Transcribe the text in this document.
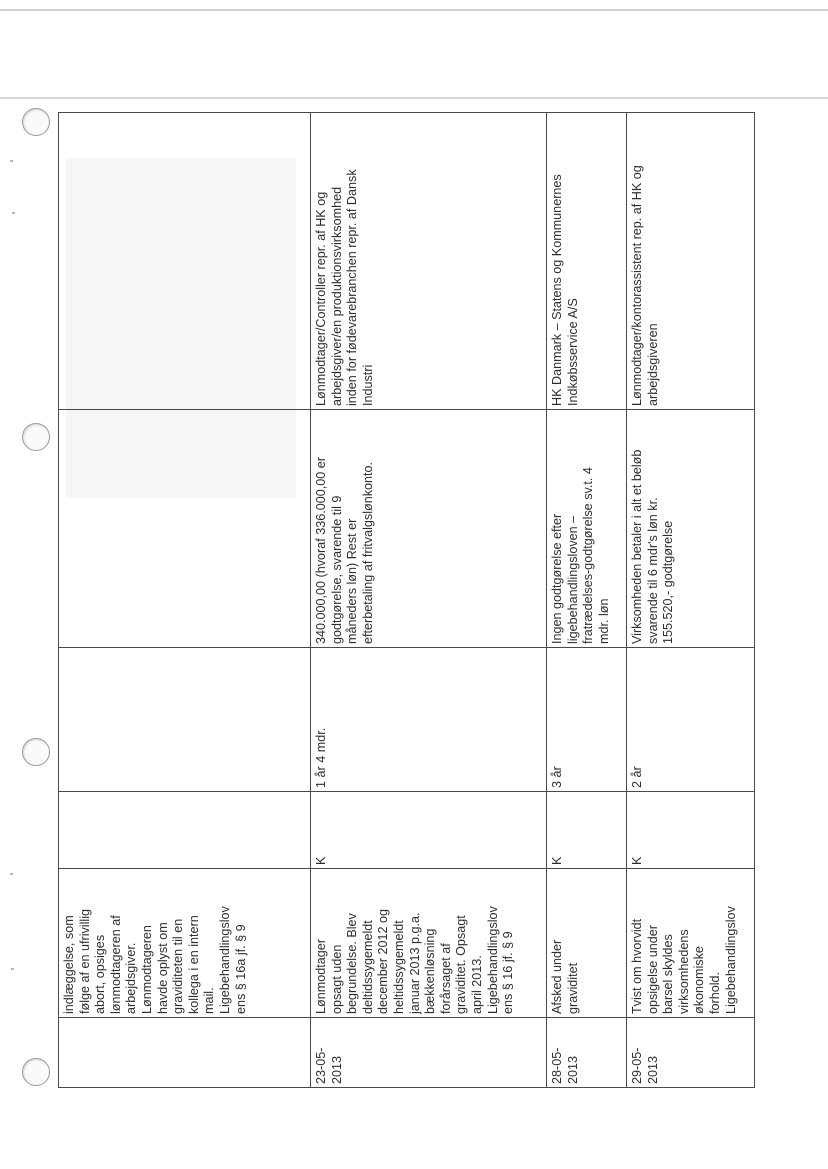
indlæggelse, som
følge af en ufrivillig
abort, opsiges
lønmodtageren af
arbejdsgiver.
Lønmodtageren
havde oplyst om
graviditeten til en
kollega i en intern
mail.
Ligebehandlingslov
ens § 16a jf. § 9
23-05-
2013
Lønmodtager
opsagt uden
begrundelse. Blev
deltidssygemeldt
december 2012 og
heltidssygemeldt
januar 2013 p.g.a.
bækkenløsning
forårsaget af
graviditet. Opsagt
april 2013.
Ligebehandlingslov
ens § 16 jf. § 9
K
1 år 4 mdr.
340.000,00 (hvoraf 336.000,00 er
godtgørelse, svarende til 9
måneders løn) Rest er
efterbetaling af fritvalgslønkonto.
Lønmodtager/Controller repr. af HK og
arbejdsgiver/en produktionsvirksomhed
inden for fødevarebranchen repr. af Dansk
Industri
28-05-
2013
Afsked under
graviditet
K
3 år
Ingen godtgørelse efter
ligebehandlingsloven –
fratrædelses-godtgørelse sv.t. 4
mdr. løn
HK Danmark – Statens og Kommunernes
Indkøbsservice A/S
29-05-
2013
Tvist om hvorvidt
opsigelse under
barsel skyldes
virksomhedens
økonomiske
forhold.
Ligebehandlingslov
K
2 år
Virksomheden betaler i alt et beløb
svarende til 6 mdr's løn kr.
155.520,- godtgørelse
Lønmodtager/kontorassistent rep. af HK og
arbejdsgiveren
